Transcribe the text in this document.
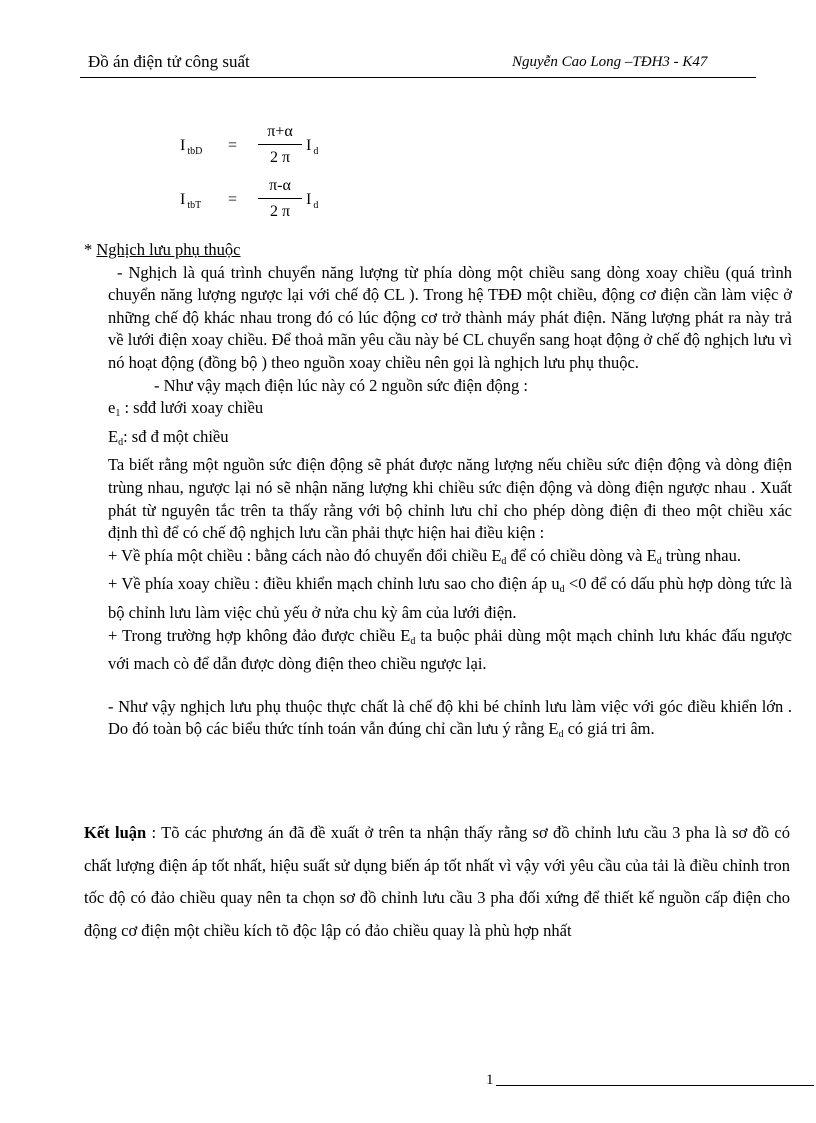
Đồ án điện tử công suất	Nguyễn Cao Long –TĐH3 - K47
I $_{tbD} = \frac{\pi+\alpha}{2 \pi}$ I $_d$
I $_{tbT} = \frac{\pi-\alpha}{2 \pi}$ I $_d$

* Nghịch lưu phụ thuộc

- Nghịch là quá trình chuyển năng lượng từ phía dòng một chiều sang dòng xoay chiều (quá trình chuyển năng lượng ngược lại với chế độ CL ). Trong hệ TĐĐ một chiều, động cơ điện cần làm việc ở những chế độ khác nhau trong đó có lúc động cơ trở thành máy phát điện. Năng lượng phát ra này trả về lưới điện xoay chiều. Để thoả mãn yêu cầu này bé CL chuyển sang hoạt động ở chế độ nghịch lưu vì nó hoạt động (đồng bộ ) theo nguồn xoay chiều nên gọi là nghịch lưu phụ thuộc.

- Như vậy mạch điện lúc này có 2 nguồn sức điện động :

$e_1$ : sđđ lưới xoay chiều

$E_d$: sđ đ một chiều

Ta biết rằng một nguồn sức điện động sẽ phát được năng lượng nếu chiều sức điện động và dòng điện trùng nhau, ngược lại nó sẽ nhận năng lượng khi chiều sức điện động và dòng điện ngược nhau . Xuất phát từ nguyên tắc trên ta thấy rằng với bộ chỉnh lưu chỉ cho phép dòng điện đi theo một chiều xác định thì để có chế độ nghịch lưu cần phải thực hiện hai điều kiện :

+ Về phía một chiều : bằng cách nào đó chuyển đổi chiều $E_d$ để có chiều dòng và $E_d$ trùng nhau.

+ Về phía xoay chiều : điều khiển mạch chỉnh lưu sao cho điện áp $u_d <0$ để có dấu phù hợp dòng tức là bộ chỉnh lưu làm việc chủ yếu ở nửa chu kỳ âm của lưới điện.

+ Trong trường hợp không đảo được chiều $E_d$ ta buộc phải dùng một mạch chỉnh lưu khác đấu ngược với mach cò để dẫn được dòng điện theo chiều ngược lại.

- Như vậy nghịch lưu phụ thuộc thực chất là chế độ khi bé chỉnh lưu làm việc với góc điều khiển lớn . Do đó toàn bộ các biểu thức tính toán vẫn đúng chỉ cần lưu ý rằng $E_d$ có giá tri âm.

Kết luận : Tõ các phương án đã đề xuất ở trên ta nhận thấy rằng sơ đồ chỉnh lưu cầu 3 pha là sơ đồ có chất lượng điện áp tốt nhất, hiệu suất sử dụng biến áp tốt nhất vì vậy với yêu cầu của tải là điều chỉnh tron tốc độ có đảo chiều quay nên ta chọn sơ đồ chỉnh lưu cầu 3 pha đối xứng để thiết kế nguồn cấp điện cho động cơ điện một chiều kích tõ độc lập có đảo chiều quay là phù hợp nhất

1
